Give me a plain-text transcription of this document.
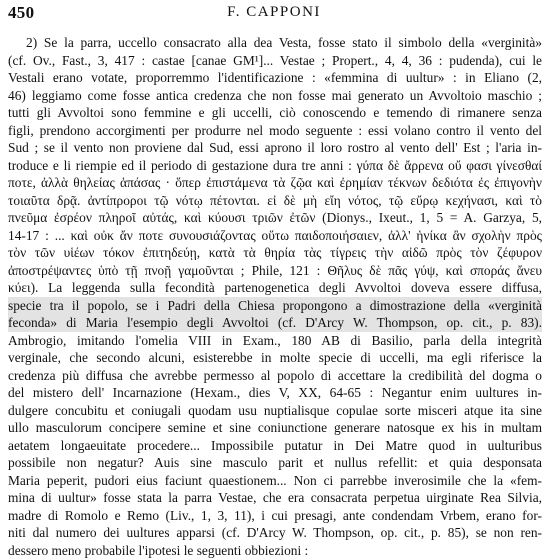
450	F. CAPPONI
2) Se la parra, uccello consacrato alla dea Vesta, fosse stato il simbolo della «verginità»
(cf. Ov., Fast., 3, 417 : castae [canae GM¹]... Vestae ; Propert., 4, 4, 36 : pudenda), cui le
Vestali erano votate, proporremmo l'identificazione : «femmina di uultur» : in Eliano (2,
46) leggiamo come fosse antica credenza che non fosse mai generato un Avvoltoio maschio ;
tutti gli Avvoltoi sono femmine e gli uccelli, ciò conoscendo e temendo di rimanere senza
figli, prendono accorgimenti per produrre nel modo seguente : essi volano contro il vento del
Sud ; se il vento non proviene dal Sud, essi aprono il loro rostro al vento dell' Est ; l'aria in-
troduce e li riempie ed il periodo di gestazione dura tre anni : γύπα δὲ ἄρρενα οὔ φασι γίνεσθαί
ποτε, ἀλλὰ θηλείας ἁπάσας · ὅπερ ἐπιστάμενα τὰ ζῷα καὶ ἐρημίαν τέκνων δεδιότα ἐς ἐπιγονὴν
τοιαῦτα δρᾷ. ἀντίπροροι τῷ νότῳ πέτονται. εἰ δὲ μὴ εἴη νότος, τῷ εὔρῳ κεχήνασι, καὶ τὸ
πνεῦμα ἐσρέον πληροῖ αὐτάς, καὶ κύουσι τριῶν ἐτῶν (Dionys., Ixeut., 1, 5 = A. Garzya, 5,
14-17 : ... καὶ οὐκ ἄν ποτε συνουσιάζοντας οὕτω παιδοποιήσαιεν, ἀλλ' ἡνίκα ἂν σχολὴν πρὸς
τὸν τῶν υἱέων τόκον ἐπιτηδεύῃ, κατὰ τὰ θηρία τὰς τίγρεις τὴν αἰδῶ πρὸς τὸν ζέφυρον
ἀποστρέψαντες ὑπὸ τῇ πνοῇ γαμοῦνται ; Phile, 121 : Θῆλυς δὲ πᾶς γύψ, καὶ σποράς ἄνευ
κύει). La leggenda sulla fecondità partenogenetica degli Avvoltoi doveva essere diffusa,
specie tra il popolo, se i Padri della Chiesa propongono a dimostrazione della «verginità
feconda» di Maria l'esempio degli Avvoltoi (cf. D'Arcy W. Thompson, op. cit., p. 83).
Ambrogio, imitando l'omelia VIII in Exam., 180 AB di Basilio, parla della integrità
verginale, che secondo alcuni, esisterebbe in molte specie di uccelli, ma egli riferisce la
credenza più diffusa che avrebbe permesso al popolo di accettare la credibilità del dogma o
del mistero dell' Incarnazione (Hexam., dies V, XX, 64-65 : Negantur enim uultures in-
dulgere concubitu et coniugali quodam usu nuptialisque copulae sorte misceri atque ita sine
ullo masculorum concipere semine et sine coniunctione generare natosque ex his in multam
aetatem longaeuitate procedere... Impossibile putatur in Dei Matre quod in uulturibus
possibile non negatur? Auis sine masculo parit et nullus refellit: et quia desponsata
Maria peperit, pudori eius faciunt quaestionem... Non ci parrebbe inverosimile che la «fem-
mina di uultur» fosse stata la parra Vestae, che era consacrata perpetua uirginate Rea Silvia,
madre di Romolo e Remo (Liv., 1, 3, 11), i cui presagi, ante condendam Vrbem, erano for-
niti dal numero dei uultures apparsi (cf. D'Arcy W. Thompson, op. cit., p. 85), se non ren-
dessero meno probabile l'ipotesi le seguenti obbiezioni :
